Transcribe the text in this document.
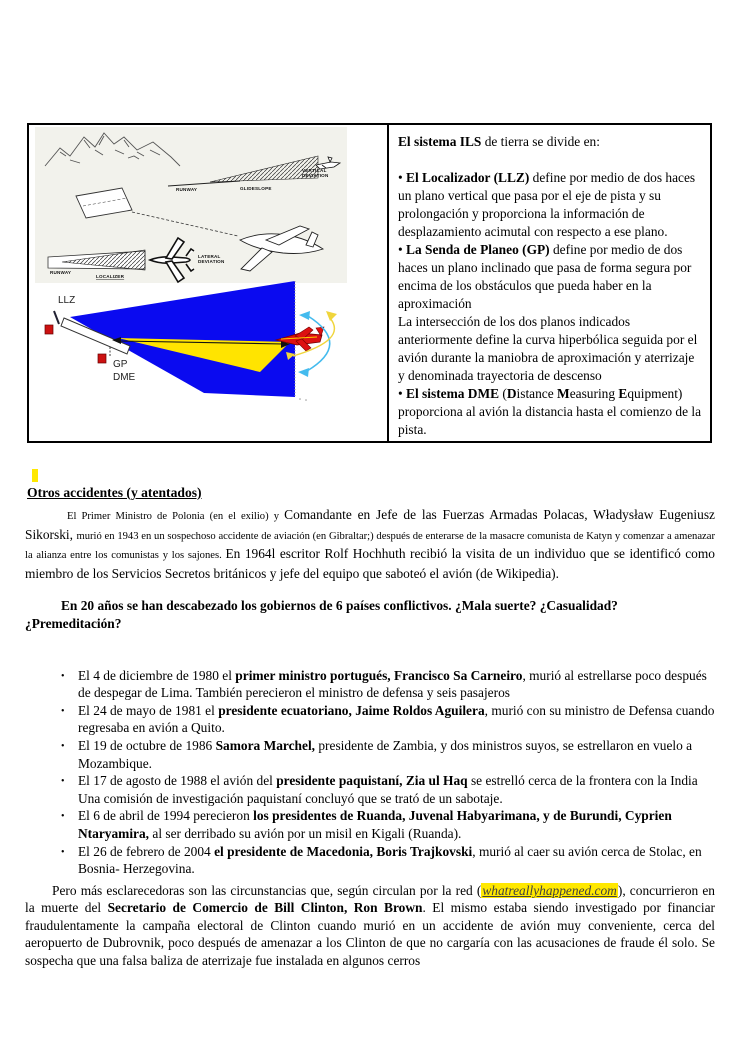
RUNWAY	GLIDESLOPE
VERTICAL
DEVIATION
RUNWAY
LOCALIZER
LATERAL
DEVIATION
LLZ
GP
DME

El sistema ILS de tierra se divide en:

• El Localizador (LLZ) define por medio de dos haces un plano vertical que pasa por el eje de pista y su prolongación y proporciona la información de desplazamiento acimutal con respecto a ese plano.

• La Senda de Planeo (GP) define por medio de dos haces un plano inclinado que pasa de forma segura por encima de los obstáculos que pueda haber en la aproximación

La intersección de los dos planos indicados anteriormente define la curva hiperbólica seguida por el avión durante la maniobra de aproximación y aterrizaje y denominada trayectoria de descenso

• El sistema DME (Distance Measuring Equipment) proporciona al avión la distancia hasta el comienzo de la pista.

Otros accidentes (y atentados)

El Primer Ministro de Polonia (en el exilio) y Comandante en Jefe de las Fuerzas Armadas Polacas, Władysław Eugeniusz Sikorski, murió en 1943 en un sospechoso accidente de aviación (en Gibraltar;) después de enterarse de la masacre comunista de Katyn y comenzar a amenazar la alianza entre los comunistas y los sajones. En 1964l escritor Rolf Hochhuth recibió la visita de un individuo que se identificó como miembro de los Servicios Secretos británicos y jefe del equipo que saboteó el avión (de Wikipedia).

En 20 años se han descabezado los gobiernos de 6 países conflictivos. ¿Mala suerte? ¿Casualidad? ¿Premeditación?

• El 4 de diciembre de 1980 el primer ministro portugués, Francisco Sa Carneiro, murió al estrellarse poco después de despegar de Lima. También perecieron el ministro de defensa y seis pasajeros
• El 24 de mayo de 1981 el presidente ecuatoriano, Jaime Roldos Aguilera, murió con su ministro de Defensa cuando regresaba en avión a Quito.
• El 19 de octubre de 1986 Samora Marchel, presidente de Zambia, y dos ministros suyos, se estrellaron en vuelo a Mozambique.
• El 17 de agosto de 1988 el avión del presidente paquistaní, Zia ul Haq se estrelló cerca de la frontera con la India Una comisión de investigación paquistaní concluyó que se trató de un sabotaje.
• El 6 de abril de 1994 perecieron los presidentes de Ruanda, Juvenal Habyarimana, y de Burundi, Cyprien Ntaryamira, al ser derribado su avión por un misil en Kigali (Ruanda).
• El 26 de febrero de 2004 el presidente de Macedonia, Boris Trajkovski, murió al caer su avión cerca de Stolac, en Bosnia- Herzegovina.

Pero más esclarecedoras son las circunstancias que, según circulan por la red (whatreallyhappened.com), concurrieron en la muerte del Secretario de Comercio de Bill Clinton, Ron Brown. El mismo estaba siendo investigado por financiar fraudulentamente la campaña electoral de Clinton cuando murió en un accidente de avión muy conveniente, cerca del aeropuerto de Dubrovnik, poco después de amenazar a los Clinton de que no cargaría con las acusaciones de fraude él solo. Se sospecha que una falsa baliza de aterrizaje fue instalada en algunos cerros
